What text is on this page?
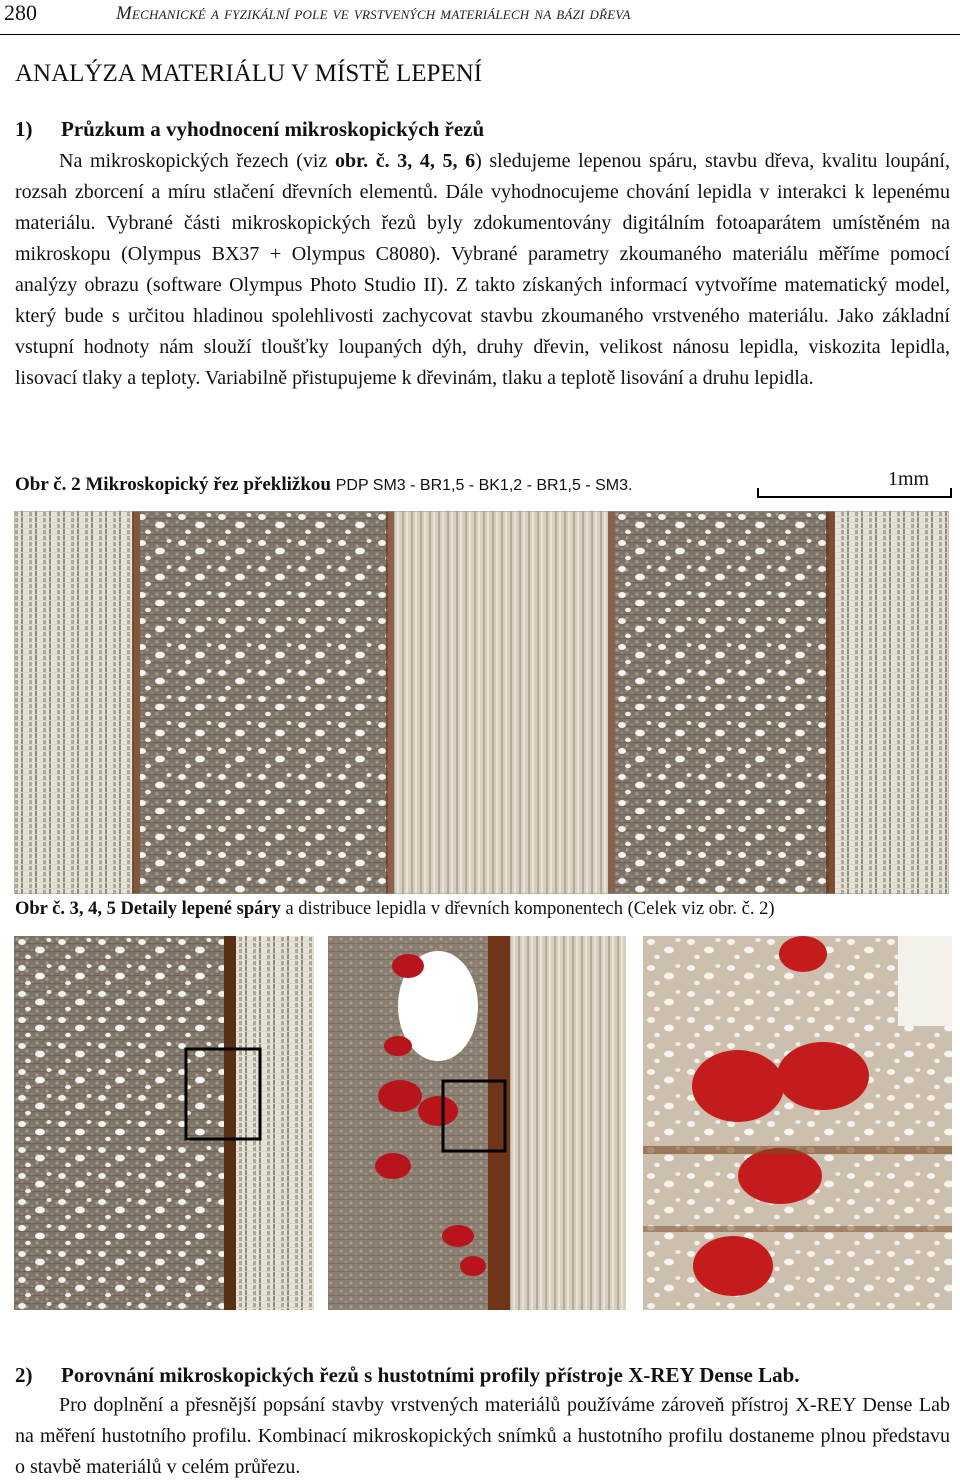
280	Mechanické a fyzikální pole ve vrstvených materiálech na bázi dřeva
ANALÝZA MATERIÁLU V MÍSTĚ LEPENÍ
1) Průzkum a vyhodnocení mikroskopických řezů

Na mikroskopických řezech (viz obr. č. 3, 4, 5, 6) sledujeme lepenou spáru, stavbu dřeva, kvalitu loupání, rozsah zborcení a míru stlačení dřevních elementů. Dále vyhodnocujeme chování lepidla v interakci k lepenému materiálu. Vybrané části mikroskopických řezů byly zdokumentovány digitálním fotoaparátem umístěném na mikroskopu (Olympus BX37 + Olympus C8080). Vybrané parametry zkoumaného materiálu měříme pomocí analýzy obrazu (software Olympus Photo Studio II). Z takto získaných informací vytvoříme matematický model, který bude s určitou hladinou spolehlivosti zachycovat stavbu zkoumaného vrstveného materiálu. Jako základní vstupní hodnoty nám slouží tloušťky loupaných dýh, druhy dřevin, velikost nánosu lepidla, viskozita lepidla, lisovací tlaky a teploty. Variabilně přistupujeme k dřevinám, tlaku a teplotě lisování a druhu lepidla.

Obr č. 2 Mikroskopický řez překližkou PDP SM3 - BR1,5 - BK1,2 - BR1,5 - SM3.	1mm
Obr č. 3, 4, 5 Detaily lepené spáry a distribuce lepidla v dřevních komponentech (Celek viz obr. č. 2)
2) Porovnání mikroskopických řezů s hustotními profily přístroje X-REY Dense Lab.

Pro doplnění a přesnější popsání stavby vrstvených materiálů používáme zároveň přístroj X-REY Dense Lab na měření hustotního profilu. Kombinací mikroskopických snímků a hustotního profilu dostaneme plnou představu o stavbě materiálů v celém průřezu.
